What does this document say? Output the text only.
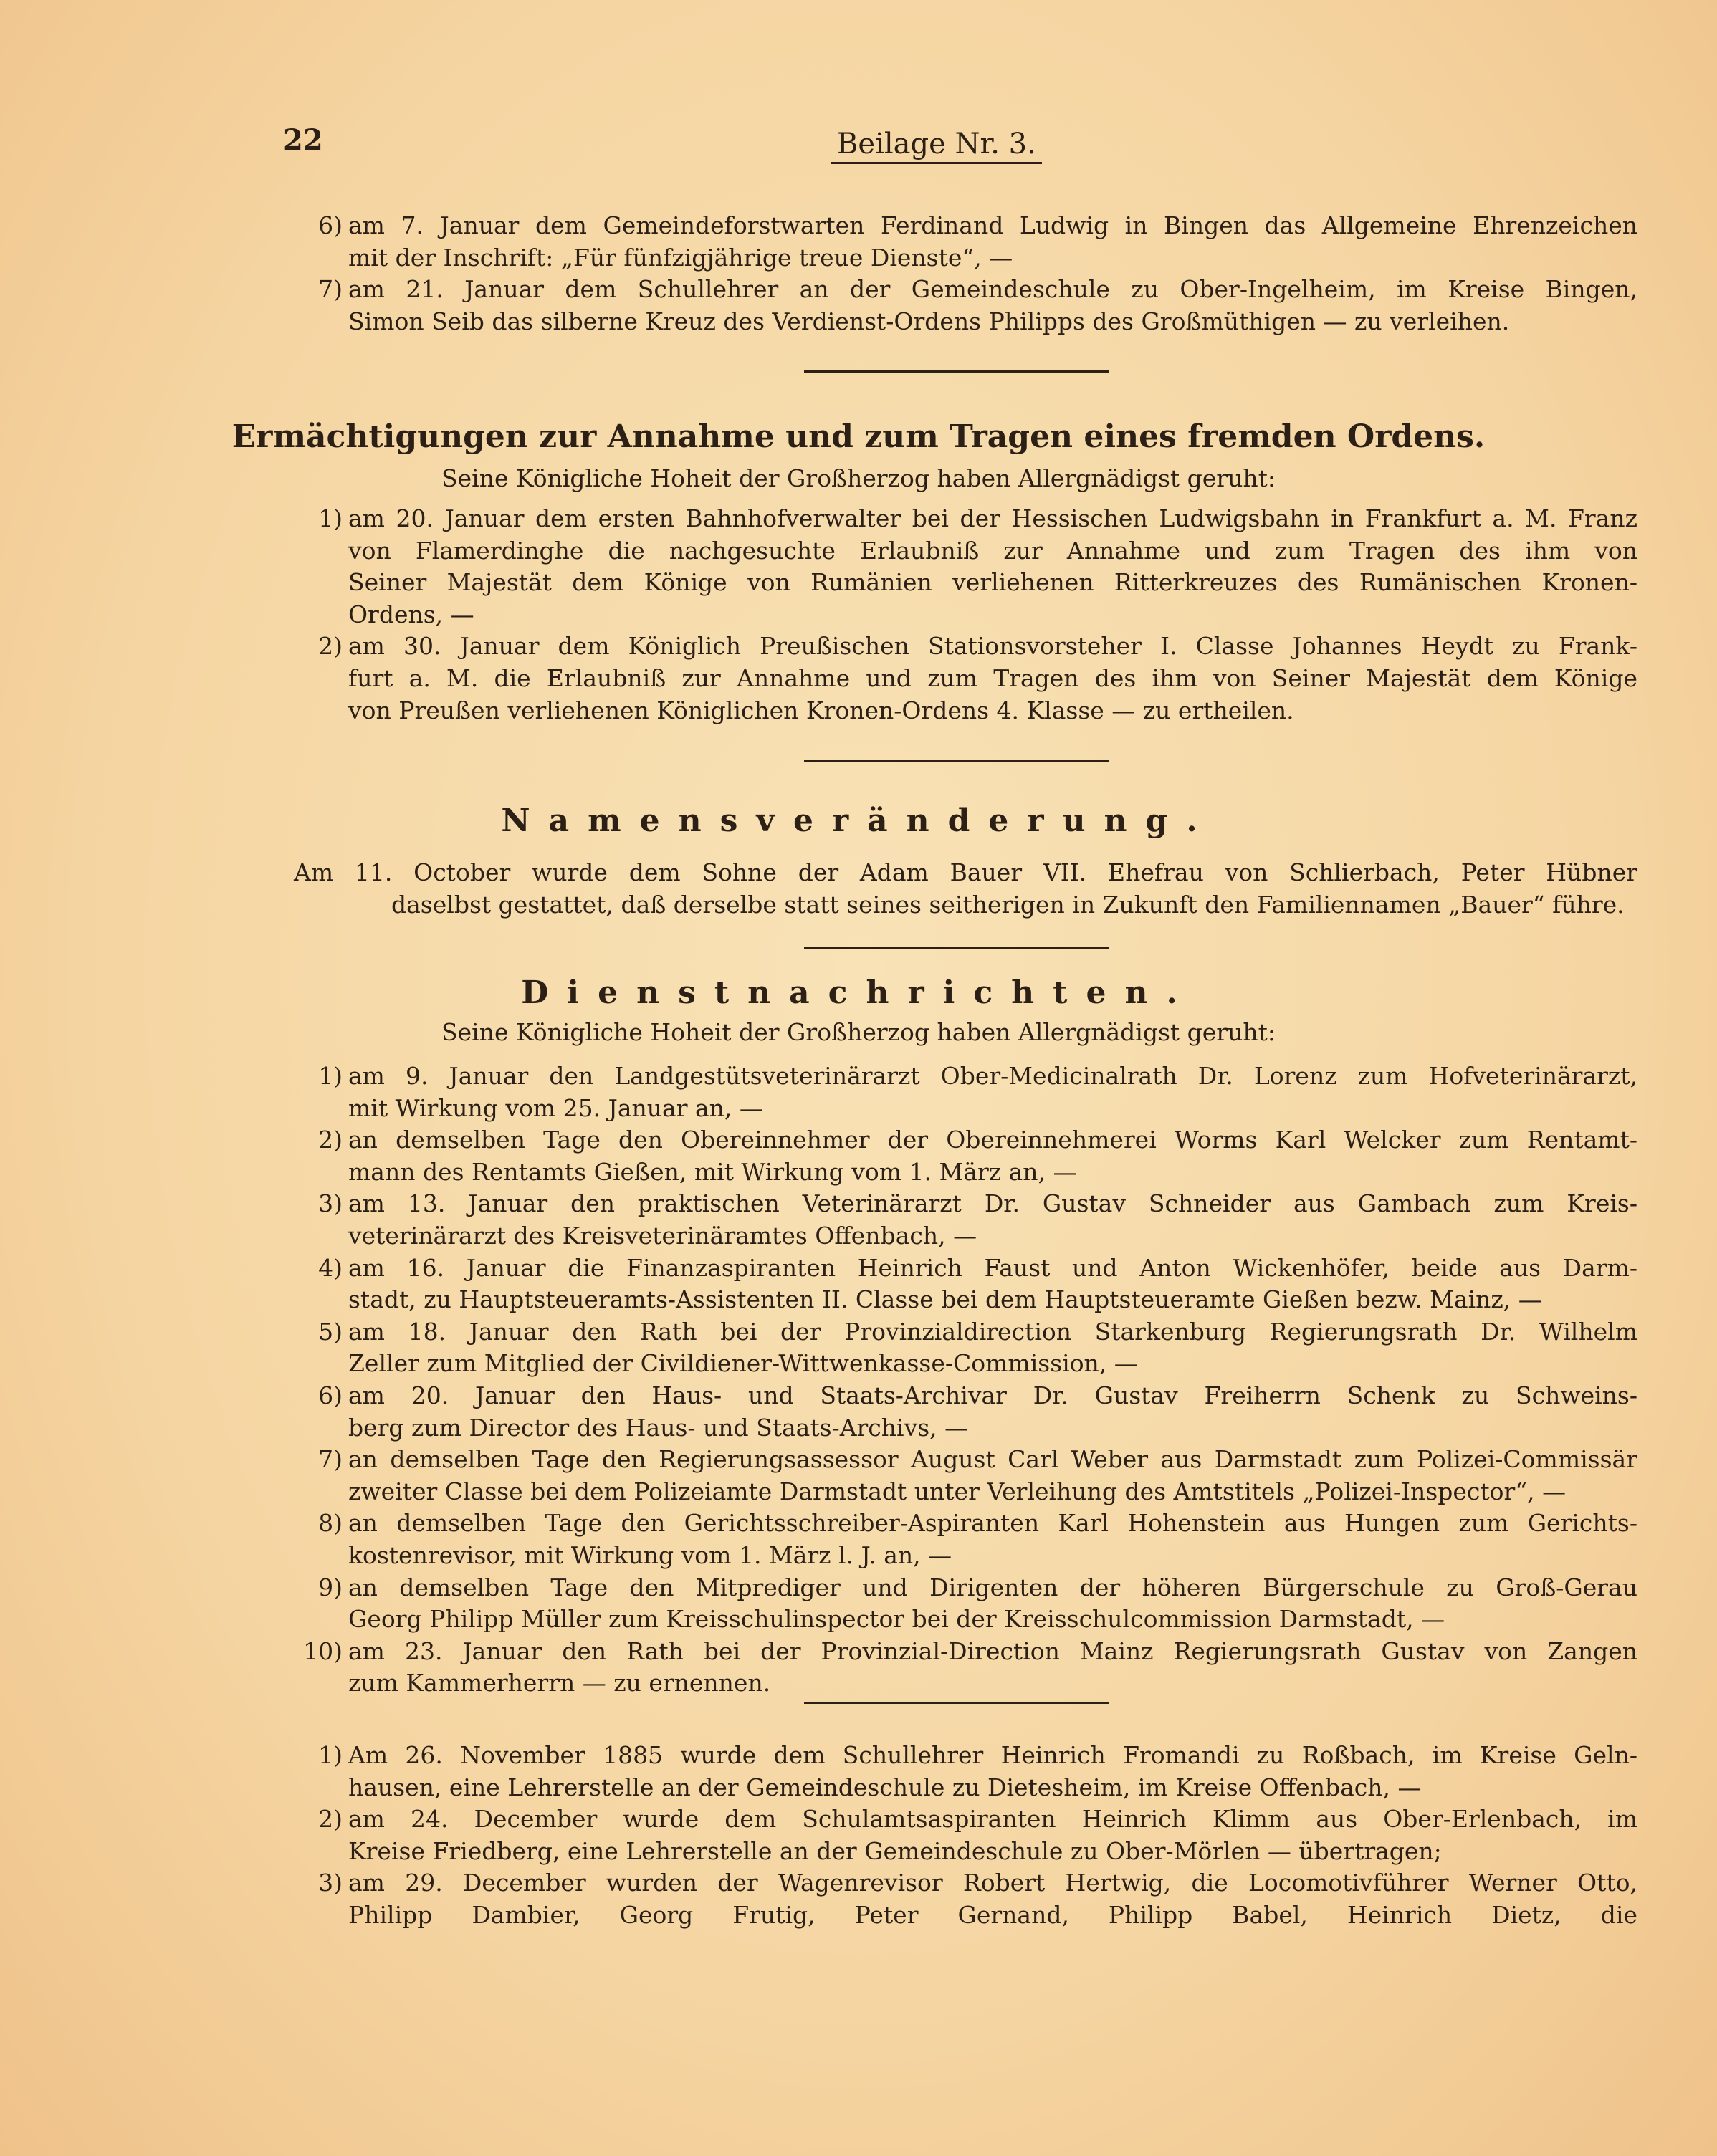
22	Beilage Nr. 3.
6) am 7. Januar dem Gemeindeforstwarten Ferdinand Ludwig in Bingen das Allgemeine Ehrenzeichen
mit der Inschrift: „Für fünfzigjährige treue Dienste“, —
7) am 21. Januar dem Schullehrer an der Gemeindeschule zu Ober-Ingelheim, im Kreise Bingen,
Simon Seib das silberne Kreuz des Verdienst-Ordens Philipps des Großmüthigen — zu verleihen.
Ermächtigungen zur Annahme und zum Tragen eines fremden Ordens.
Seine Königliche Hoheit der Großherzog haben Allergnädigst geruht:
1) am 20. Januar dem ersten Bahnhofverwalter bei der Hessischen Ludwigsbahn in Frankfurt a. M. Franz
von Flamerdinghe die nachgesuchte Erlaubniß zur Annahme und zum Tragen des ihm von
Seiner Majestät dem Könige von Rumänien verliehenen Ritterkreuzes des Rumänischen Kronen-
Ordens, —
2) am 30. Januar dem Königlich Preußischen Stationsvorsteher I. Classe Johannes Heydt zu Frank-
furt a. M. die Erlaubniß zur Annahme und zum Tragen des ihm von Seiner Majestät dem Könige
von Preußen verliehenen Königlichen Kronen-Ordens 4. Klasse — zu ertheilen.
Namensveränderung.
Am 11. October wurde dem Sohne der Adam Bauer VII. Ehefrau von Schlierbach, Peter Hübner
daselbst gestattet, daß derselbe statt seines seitherigen in Zukunft den Familiennamen „Bauer“ führe.
Dienstnachrichten.
Seine Königliche Hoheit der Großherzog haben Allergnädigst geruht:
1) am 9. Januar den Landgestütsveterinärarzt Ober-Medicinalrath Dr. Lorenz zum Hofveterinärarzt,
mit Wirkung vom 25. Januar an, —
2) an demselben Tage den Obereinnehmer der Obereinnehmerei Worms Karl Welcker zum Rentamt-
mann des Rentamts Gießen, mit Wirkung vom 1. März an, —
3) am 13. Januar den praktischen Veterinärarzt Dr. Gustav Schneider aus Gambach zum Kreis-
veterinärarzt des Kreisveterinäramtes Offenbach, —
4) am 16. Januar die Finanzaspiranten Heinrich Faust und Anton Wickenhöfer, beide aus Darm-
stadt, zu Hauptsteueramts-Assistenten II. Classe bei dem Hauptsteueramte Gießen bezw. Mainz, —
5) am 18. Januar den Rath bei der Provinzialdirection Starkenburg Regierungsrath Dr. Wilhelm
Zeller zum Mitglied der Civildiener-Wittwenkasse-Commission, —
6) am 20. Januar den Haus- und Staats-Archivar Dr. Gustav Freiherrn Schenk zu Schweins-
berg zum Director des Haus- und Staats-Archivs, —
7) an demselben Tage den Regierungsassessor August Carl Weber aus Darmstadt zum Polizei-Commissär
zweiter Classe bei dem Polizeiamte Darmstadt unter Verleihung des Amtstitels „Polizei-Inspector“, —
8) an demselben Tage den Gerichtsschreiber-Aspiranten Karl Hohenstein aus Hungen zum Gerichts-
kostenrevisor, mit Wirkung vom 1. März l. J. an, —
9) an demselben Tage den Mitprediger und Dirigenten der höheren Bürgerschule zu Groß-Gerau
Georg Philipp Müller zum Kreisschulinspector bei der Kreisschulcommission Darmstadt, —
10) am 23. Januar den Rath bei der Provinzial-Direction Mainz Regierungsrath Gustav von Zangen
zum Kammerherrn — zu ernennen.
1) Am 26. November 1885 wurde dem Schullehrer Heinrich Fromandi zu Roßbach, im Kreise Geln-
hausen, eine Lehrerstelle an der Gemeindeschule zu Dietesheim, im Kreise Offenbach, —
2) am 24. December wurde dem Schulamtsaspiranten Heinrich Klimm aus Ober-Erlenbach, im
Kreise Friedberg, eine Lehrerstelle an der Gemeindeschule zu Ober-Mörlen — übertragen;
3) am 29. December wurden der Wagenrevisor Robert Hertwig, die Locomotivführer Werner Otto,
Philipp Dambier, Georg Frutig, Peter Gernand, Philipp Babel, Heinrich Dietz, die
